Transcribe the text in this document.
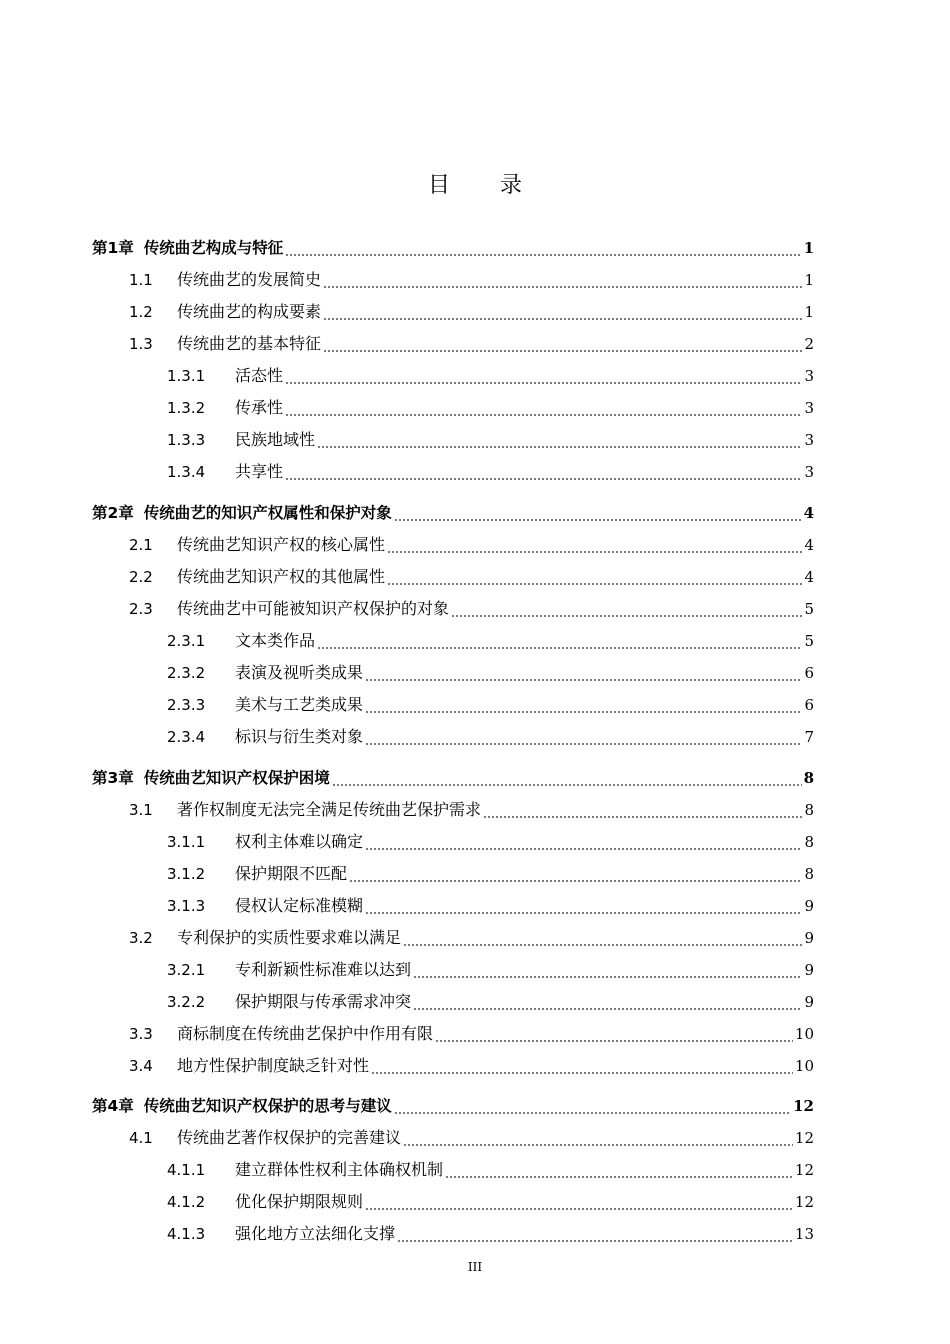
目 录
第1章 传统曲艺构成与特征	1
1.1	传统曲艺的发展简史	1
1.2	传统曲艺的构成要素	1
1.3	传统曲艺的基本特征	2
1.3.1	活态性	3
1.3.2	传承性	3
1.3.3	民族地域性	3
1.3.4	共享性	3
第2章 传统曲艺的知识产权属性和保护对象	4
2.1	传统曲艺知识产权的核心属性	4
2.2	传统曲艺知识产权的其他属性	4
2.3	传统曲艺中可能被知识产权保护的对象	5
2.3.1	文本类作品	5
2.3.2	表演及视听类成果	6
2.3.3	美术与工艺类成果	6
2.3.4	标识与衍生类对象	7
第3章 传统曲艺知识产权保护困境	8
3.1	著作权制度无法完全满足传统曲艺保护需求	8
3.1.1	权利主体难以确定	8
3.1.2	保护期限不匹配	8
3.1.3	侵权认定标准模糊	9
3.2	专利保护的实质性要求难以满足	9
3.2.1	专利新颖性标准难以达到	9
3.2.2	保护期限与传承需求冲突	9
3.3	商标制度在传统曲艺保护中作用有限	10
3.4	地方性保护制度缺乏针对性	10
第4章 传统曲艺知识产权保护的思考与建议	12
4.1	传统曲艺著作权保护的完善建议	12
4.1.1	建立群体性权利主体确权机制	12
4.1.2	优化保护期限规则	12
4.1.3	强化地方立法细化支撑	13
III
